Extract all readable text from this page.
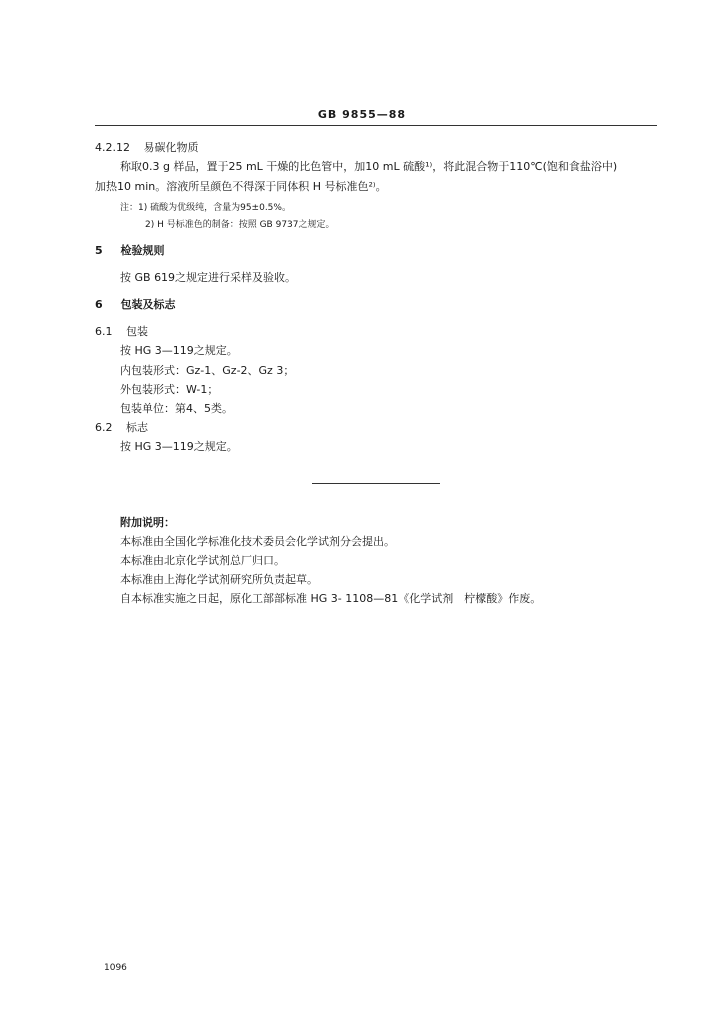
GB 9855—88
4.2.12 易碳化物质
称取0.3 g 样品，置于25 mL 干燥的比色管中，加10 mL 硫酸¹⁾，将此混合物于110℃(饱和食盐浴中)
加热10 min。溶液所呈颜色不得深于同体积 H 号标准色²⁾。
注：1) 硫酸为优级纯，含量为95±0.5%。
2) H 号标准色的制备：按照 GB 9737之规定。
5 检验规则
按 GB 619之规定进行采样及验收。
6 包装及标志
6.1 包装
按 HG 3—119之规定。
内包装形式：Gz-1、Gz-2、Gz 3；
外包装形式：W-1；
包装单位：第4、5类。
6.2 标志
按 HG 3—119之规定。
附加说明：
本标准由全国化学标准化技术委员会化学试剂分会提出。
本标准由北京化学试剂总厂归口。
本标准由上海化学试剂研究所负责起草。
自本标准实施之日起，原化工部部标准 HG 3- 1108—81《化学试剂　柠檬酸》作废。
1096
